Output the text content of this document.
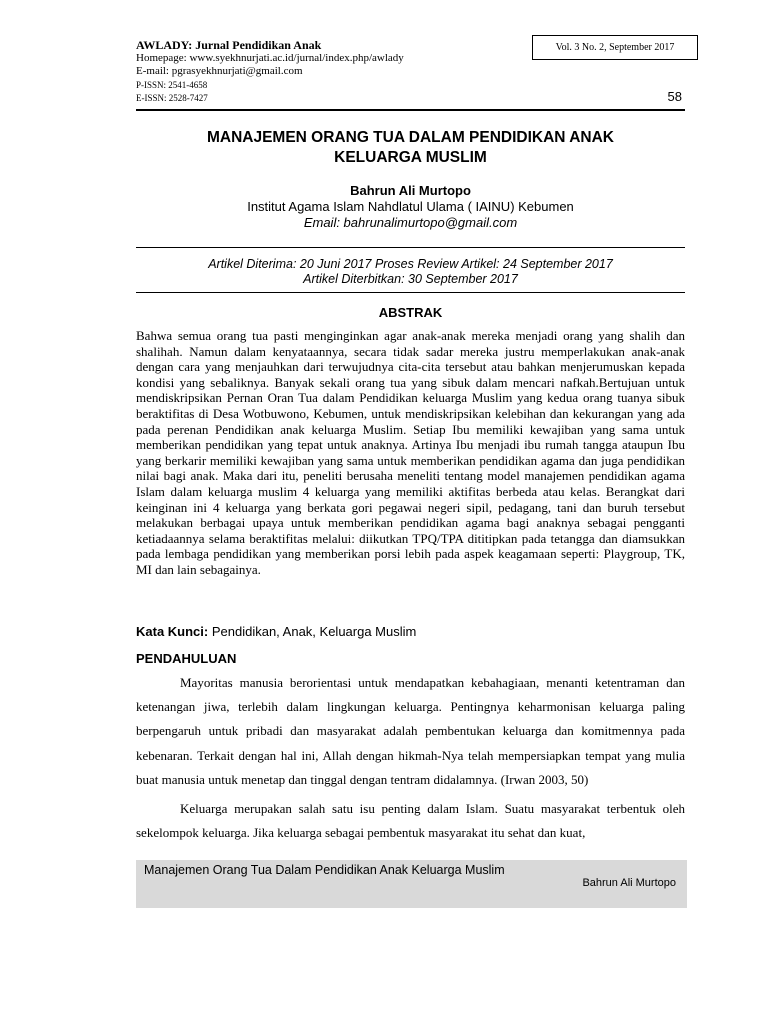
AWLADY: Jurnal Pendidikan Anak
Homepage: www.syekhnurjati.ac.id/jurnal/index.php/awlady
E-mail: pgrasyekhnurjati@gmail.com
P-ISSN: 2541-4658
E-ISSN: 2528-7427
Vol. 3 No. 2, September 2017
58
MANAJEMEN ORANG TUA DALAM PENDIDIKAN ANAK
KELUARGA MUSLIM
Bahrun Ali Murtopo
Institut Agama Islam Nahdlatul Ulama ( IAINU) Kebumen
Email: bahrunalimurtopo@gmail.com
Artikel Diterima: 20 Juni 2017 Proses Review Artikel: 24 September 2017
Artikel Diterbitkan: 30 September 2017
ABSTRAK

Bahwa semua orang tua pasti menginginkan agar anak-anak mereka menjadi orang yang shalih dan shalihah. Namun dalam kenyataannya, secara tidak sadar mereka justru memperlakukan anak-anak dengan cara yang menjauhkan dari terwujudnya cita-cita tersebut atau bahkan menjerumuskan kepada kondisi yang sebaliknya. Banyak sekali orang tua yang sibuk dalam mencari nafkah.Bertujuan untuk mendiskripsikan Pernan Oran Tua dalam Pendidikan keluarga Muslim yang kedua orang tuanya sibuk beraktifitas di Desa Wotbuwono, Kebumen, untuk mendiskripsikan kelebihan dan kekurangan yang ada pada perenan Pendidikan anak keluarga Muslim. Setiap Ibu memiliki kewajiban yang sama untuk memberikan pendidikan yang tepat untuk anaknya. Artinya Ibu menjadi ibu rumah tangga ataupun Ibu yang berkarir memiliki kewajiban yang sama untuk memberikan pendidikan agama dan juga pendidikan nilai bagi anak. Maka dari itu, peneliti berusaha meneliti tentang model manajemen pendidikan agama Islam dalam keluarga muslim 4 keluarga yang memiliki aktifitas berbeda atau kelas. Berangkat dari keinginan ini 4 keluarga yang berkata gori pegawai negeri sipil, pedagang, tani dan buruh tersebut melakukan berbagai upaya untuk memberikan pendidikan agama bagi anaknya sebagai pengganti ketiadaannya selama beraktifitas melalui: diikutkan TPQ/TPA dititipkan pada tetangga dan diamsukkan pada lembaga pendidikan yang memberikan porsi lebih pada aspek keagamaan seperti: Playgroup, TK, MI dan lain sebagainya.

Kata Kunci: Pendidikan, Anak, Keluarga Muslim
PENDAHULUAN

Mayoritas manusia berorientasi untuk mendapatkan kebahagiaan, menanti ketentraman dan ketenangan jiwa, terlebih dalam lingkungan keluarga. Pentingnya keharmonisan keluarga paling berpengaruh untuk pribadi dan masyarakat adalah pembentukan keluarga dan komitmennya pada kebenaran. Terkait dengan hal ini, Allah dengan hikmah-Nya telah mempersiapkan tempat yang mulia buat manusia untuk menetap dan tinggal dengan tentram didalamnya. (Irwan 2003, 50)

Keluarga merupakan salah satu isu penting dalam Islam. Suatu masyarakat terbentuk oleh sekelompok keluarga. Jika keluarga sebagai pembentuk masyarakat itu sehat dan kuat,

Manajemen Orang Tua Dalam Pendidikan Anak Keluarga Muslim
Bahrun Ali Murtopo
